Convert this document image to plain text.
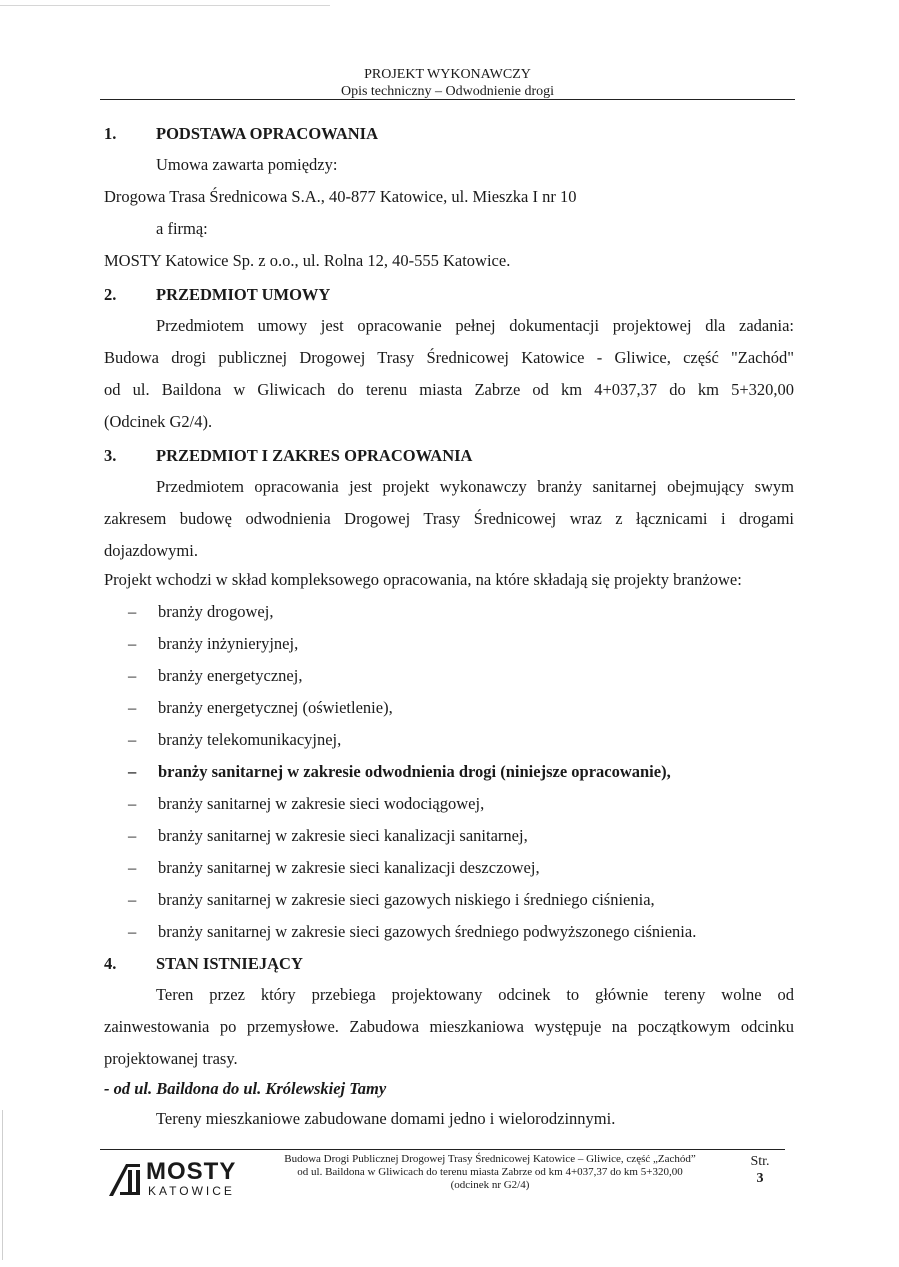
PROJEKT WYKONAWCZY
Opis techniczny – Odwodnienie drogi
1.	PODSTAWA OPRACOWANIA
Umowa zawarta pomiędzy:
Drogowa Trasa Średnicowa S.A., 40-877 Katowice, ul. Mieszka I nr 10
a firmą:
MOSTY Katowice Sp. z o.o., ul. Rolna 12, 40-555 Katowice.
2.	PRZEDMIOT UMOWY
Przedmiotem umowy jest opracowanie pełnej dokumentacji projektowej dla zadania:
Budowa drogi publicznej Drogowej Trasy Średnicowej Katowice - Gliwice, część "Zachód"
od ul. Baildona w Gliwicach do terenu miasta Zabrze od km 4+037,37 do km 5+320,00
(Odcinek G2/4).
3.	PRZEDMIOT I ZAKRES OPRACOWANIA
Przedmiotem opracowania jest projekt wykonawczy branży sanitarnej obejmujący swym
zakresem budowę odwodnienia Drogowej Trasy Średnicowej wraz z łącznicami i drogami
dojazdowymi.
Projekt wchodzi w skład kompleksowego opracowania, na które składają się projekty branżowe:
–	branży drogowej,
–	branży inżynieryjnej,
–	branży energetycznej,
–	branży energetycznej (oświetlenie),
–	branży telekomunikacyjnej,
–	branży sanitarnej w zakresie odwodnienia drogi (niniejsze opracowanie),
–	branży sanitarnej w zakresie sieci wodociągowej,
–	branży sanitarnej w zakresie sieci kanalizacji sanitarnej,
–	branży sanitarnej w zakresie sieci kanalizacji deszczowej,
–	branży sanitarnej w zakresie sieci gazowych niskiego i średniego ciśnienia,
–	branży sanitarnej w zakresie sieci gazowych średniego podwyższonego ciśnienia.
4.	STAN ISTNIEJĄCY
Teren przez który przebiega projektowany odcinek to głównie tereny wolne od
zainwestowania po przemysłowe. Zabudowa mieszkaniowa występuje na początkowym odcinku
projektowanej trasy.
- od ul. Baildona do ul. Królewskiej Tamy
Tereny mieszkaniowe zabudowane domami jedno i wielorodzinnymi.
MOSTY
KATOWICE
Budowa Drogi Publicznej Drogowej Trasy Średnicowej Katowice – Gliwice, część „Zachód”
od ul. Baildona w Gliwicach do terenu miasta Zabrze od km 4+037,37 do km 5+320,00
(odcinek nr G2/4)
Str.
3
